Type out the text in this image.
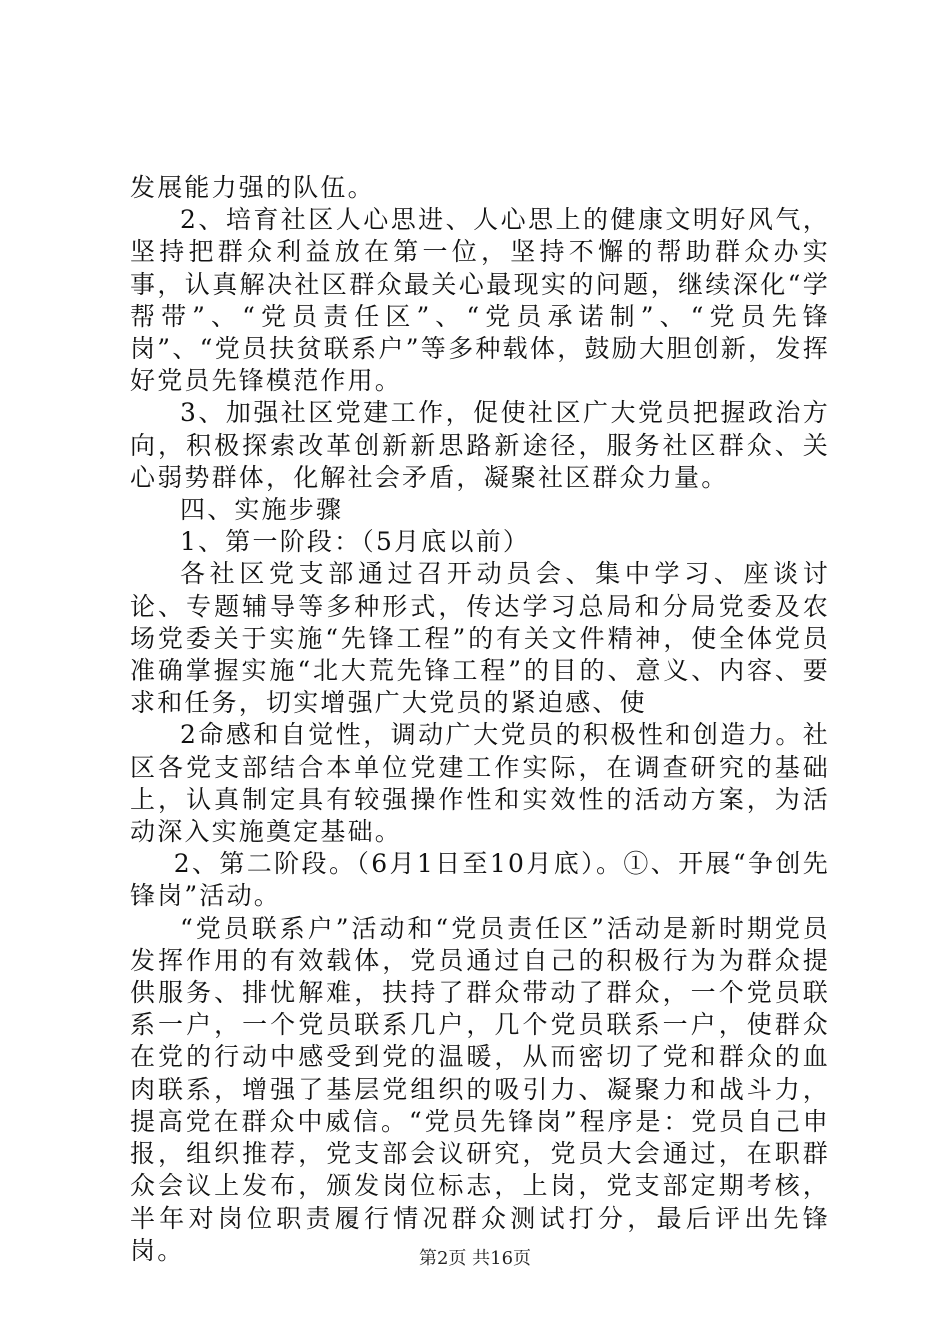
发展能力强的队伍。

2、培育社区人心思进、人心思上的健康文明好风气，坚持把群众利益放在第一位，坚持不懈的帮助群众办实事，认真解决社区群众最关心最现实的问题，继续深化“学帮带”、“党员责任区”、“党员承诺制”、“党员先锋岗”、“党员扶贫联系户”等多种载体，鼓励大胆创新，发挥好党员先锋模范作用。

3、加强社区党建工作，促使社区广大党员把握政治方向，积极探索改革创新新思路新途径，服务社区群众、关心弱势群体，化解社会矛盾，凝聚社区群众力量。

四、实施步骤

1、第一阶段：（5月底以前）

各社区党支部通过召开动员会、集中学习、座谈讨论、专题辅导等多种形式，传达学习总局和分局党委及农场党委关于实施“先锋工程”的有关文件精神，使全体党员准确掌握实施“北大荒先锋工程”的目的、意义、内容、要求和任务，切实增强广大党员的紧迫感、使

2命感和自觉性，调动广大党员的积极性和创造力。社区各党支部结合本单位党建工作实际，在调查研究的基础上，认真制定具有较强操作性和实效性的活动方案，为活动深入实施奠定基础。

2、第二阶段。（6月1日至10月底）。①、开展“争创先锋岗”活动。

“党员联系户”活动和“党员责任区”活动是新时期党员发挥作用的有效载体，党员通过自己的积极行为为群众提供服务、排忧解难，扶持了群众带动了群众，一个党员联系一户，一个党员联系几户，几个党员联系一户，使群众在党的行动中感受到党的温暖，从而密切了党和群众的血肉联系，增强了基层党组织的吸引力、凝聚力和战斗力，提高党在群众中威信。“党员先锋岗”程序是：党员自己申报，组织推荐，党支部会议研究，党员大会通过，在职群众会议上发布，颁发岗位标志，上岗，党支部定期考核，半年对岗位职责履行情况群众测试打分，最后评出先锋岗。	第2页 共16页
